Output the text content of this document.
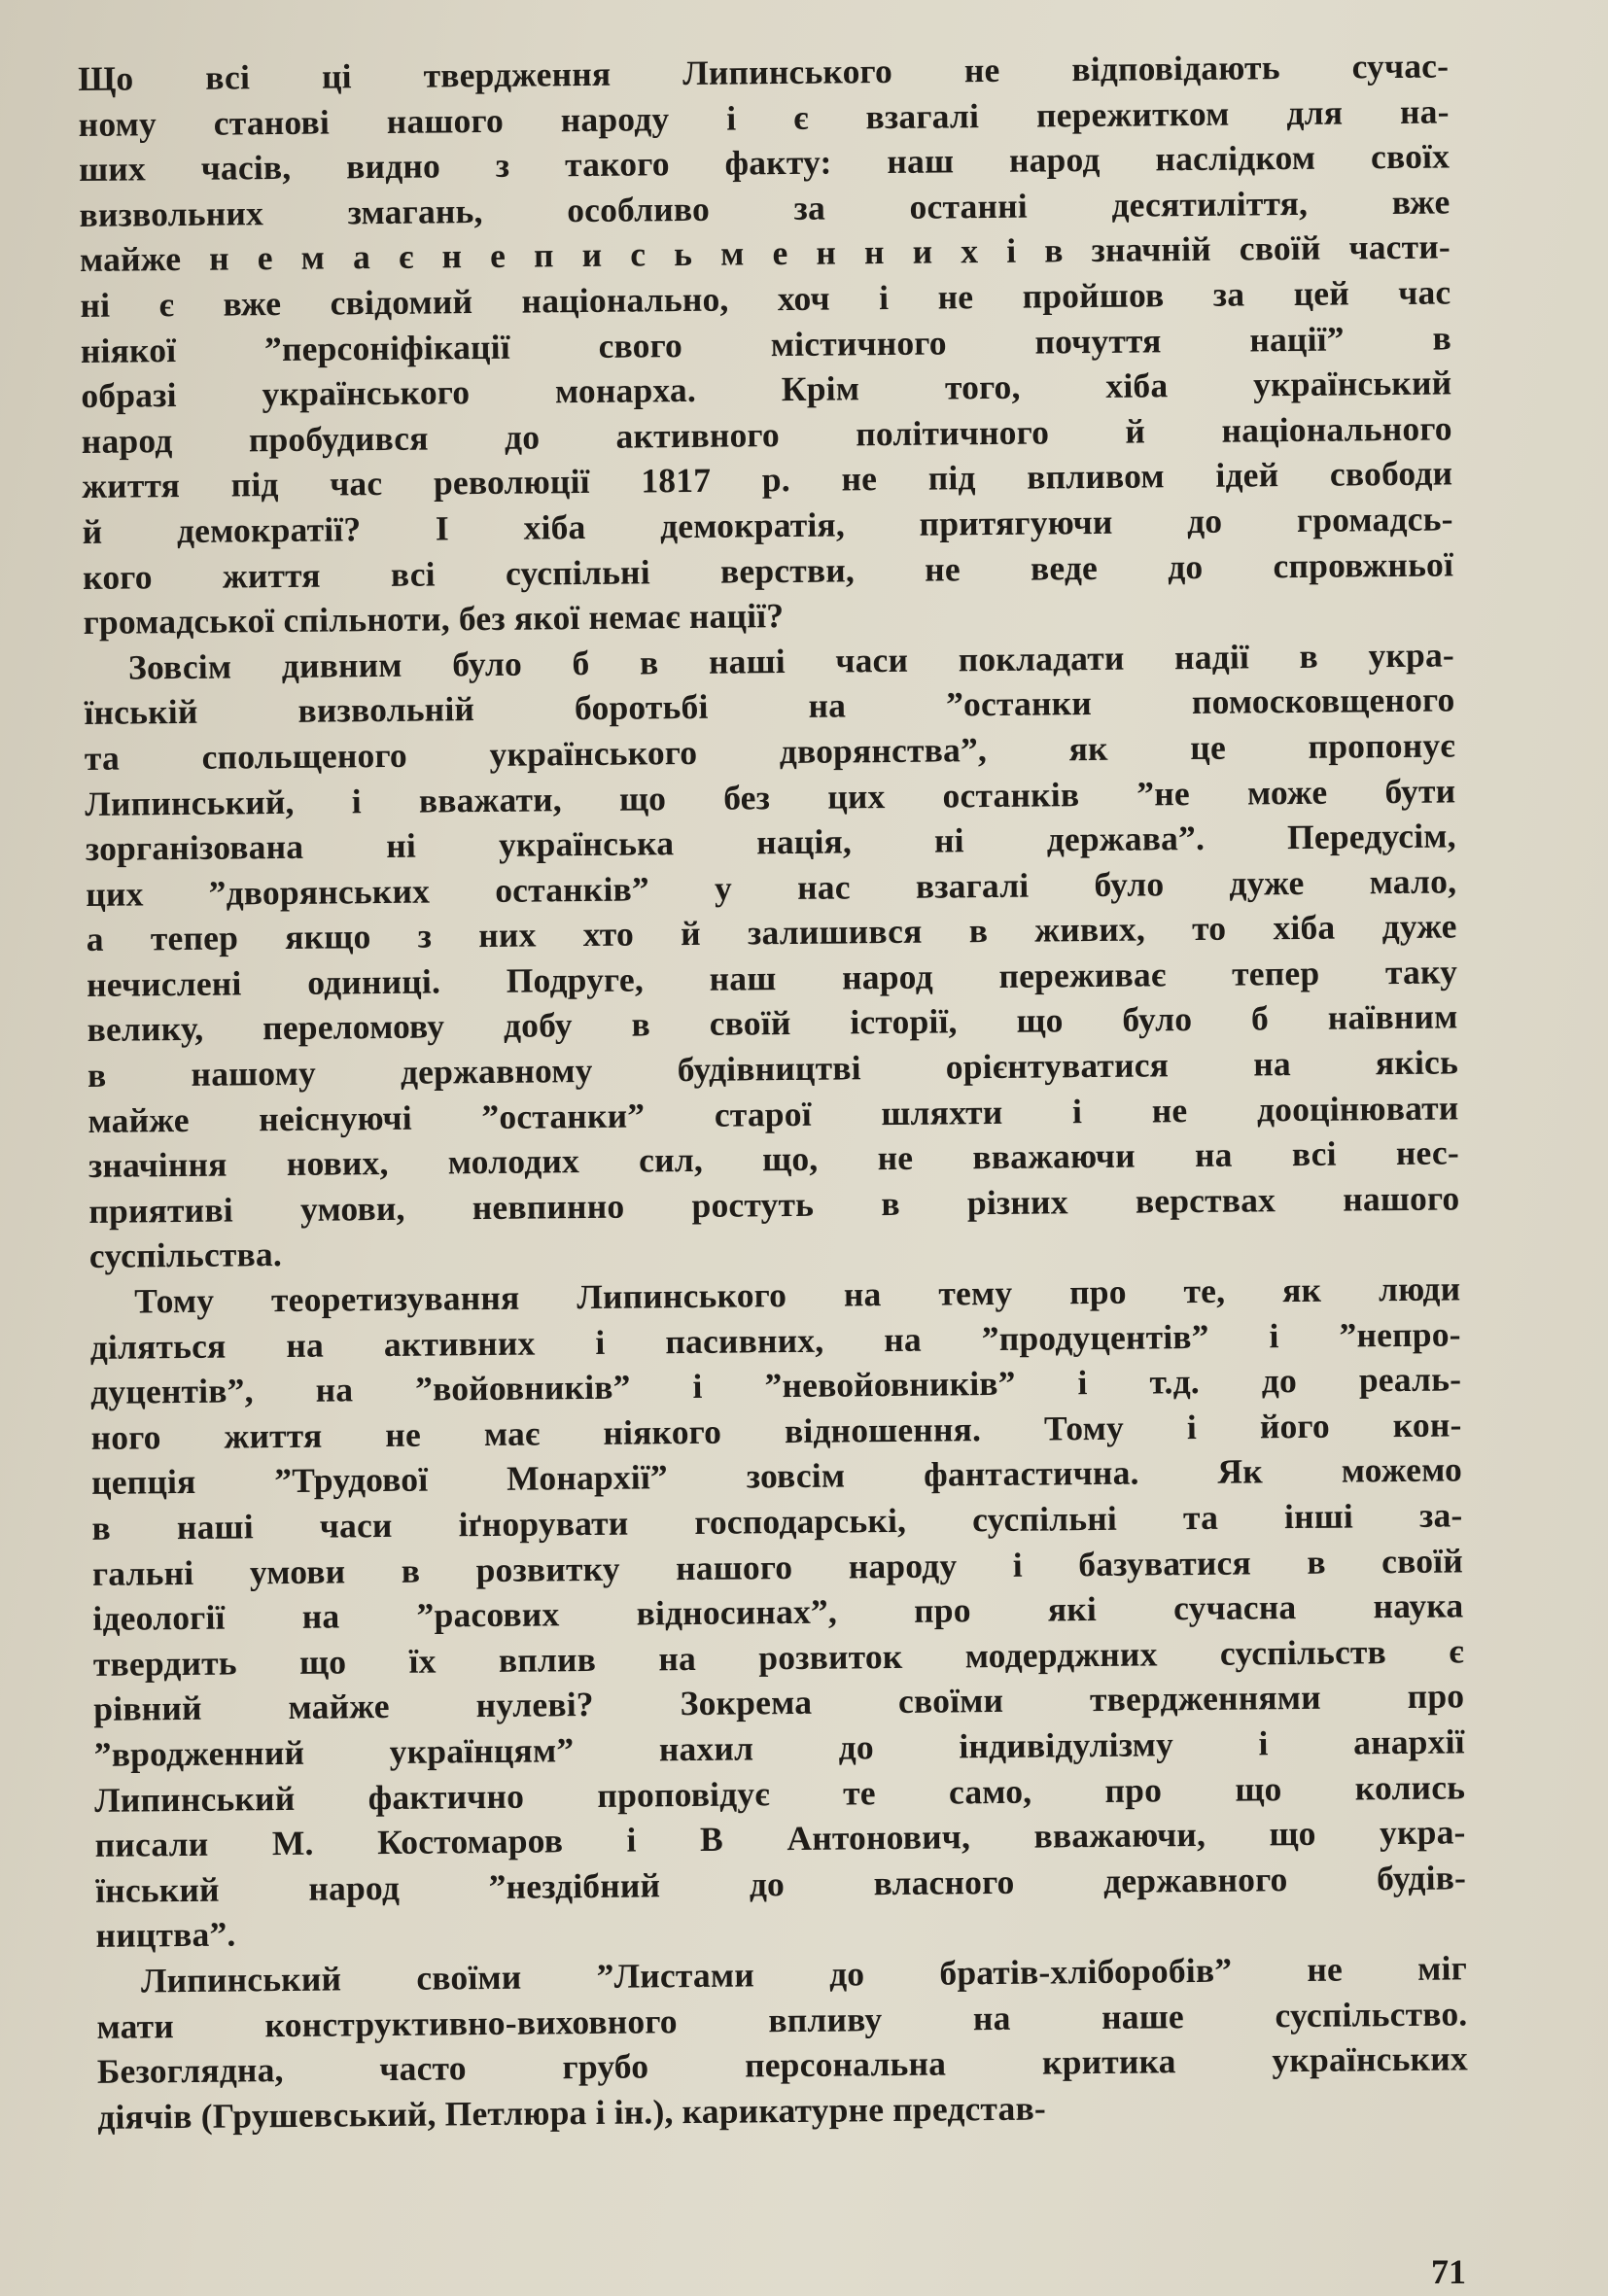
Що всі ці твердження Липинського не відповідають сучас-
ному станові нашого народу і є взагалі пережитком для на-
ших часів, видно з такого факту: наш народ наслідком своїх
визвольних змагань, особливо за останні десятиліття, вже
майже н е м а є н е п и с ь м е н н и х і в значній своїй части-
ні є вже свідомий національно, хоч і не пройшов за цей час
ніякої ”персоніфікації свого містичного почуття нації” в
образі українського монарха. Крім того, хіба український
народ пробудився до активного політичного й національного
життя під час революції 1817 р. не під впливом ідей свободи
й демократії? І хіба демократія, притягуючи до громадсь-
кого життя всі суспільні верстви, не веде до спровжньої
громадської спільноти, без якої немає нації?
Зовсім дивним було б в наші часи покладати надії в укра-
їнській визвольній боротьбі на ”останки помосковщеного
та спольщеного українського дворянства”, як це пропонує
Липинський, і вважати, що без цих останків ”не може бути
зорганізована ні українська нація, ні держава”. Передусім,
цих ”дворянських останків” у нас взагалі було дуже мало,
а тепер якщо з них хто й залишився в живих, то хіба дуже
нечислені одиниці. Подруге, наш народ переживає тепер таку
велику, переломову добу в своїй історії, що було б наївним
в нашому державному будівництві орієнтуватися на якісь
майже неіснуючі ”останки” старої шляхти і не дооцінювати
значіння нових, молодих сил, що, не вважаючи на всі нес-
приятиві умови, невпинно ростуть в різних верствах нашого
суспільства.
Тому теоретизування Липинського на тему про те, як люди
діляться на активних і пасивних, на ”продуцентів” і ”непро-
дуцентів”, на ”войовників” і ”невойовників” і т.д. до реаль-
ного життя не має ніякого відношення. Тому і його кон-
цепція ”Трудової Монархії” зовсім фантастична. Як можемо
в наші часи іґнорувати господарські, суспільні та інші за-
гальні умови в розвитку нашого народу і базуватися в своїй
ідеології на ”расових відносинах”, про які сучасна наука
твердить що їх вплив на розвиток модерджних суспільств є
рівний майже нулеві? Зокрема своїми твердженнями про
”вродженний українцям” нахил до індивідулізму і анархії
Липинський фактично проповідує те само, про що колись
писали М. Костомаров і В Антонович, вважаючи, що укра-
їнський народ ”нездібний до власного державного будів-
ництва”.
Липинський своїми ”Листами до братів-хліборобів” не міг
мати конструктивно-виховного впливу на наше суспільство.
Безоглядна, часто грубо персональна критика українських
діячів (Грушевський, Петлюра і ін.), карикатурне представ-
71
